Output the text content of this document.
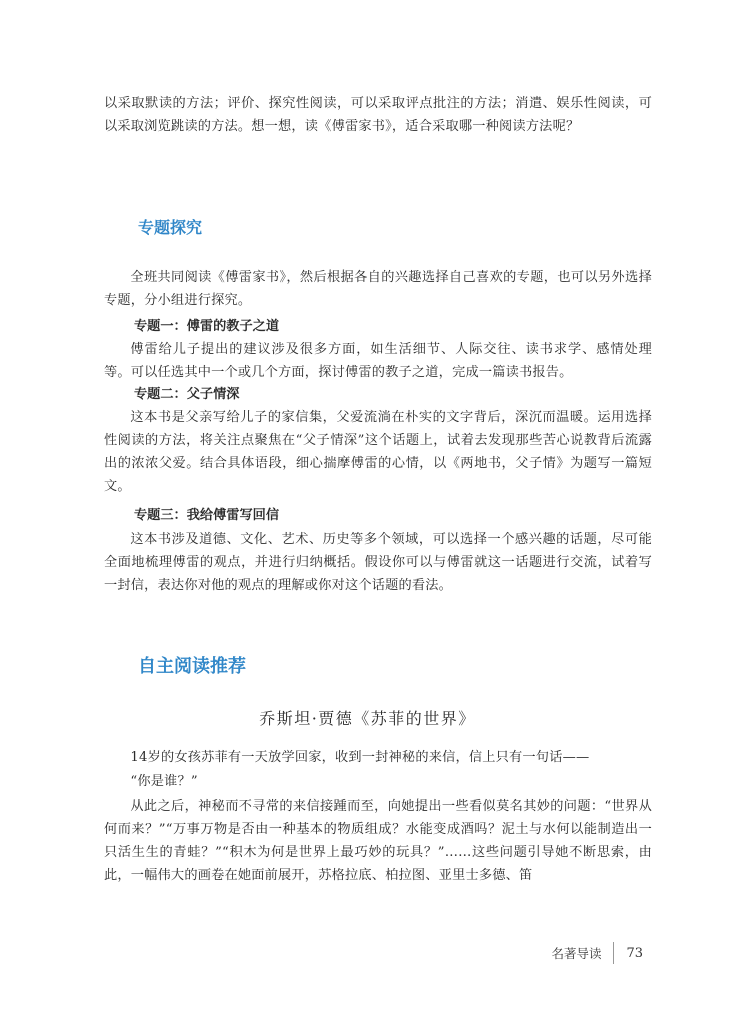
以采取默读的方法；评价、探究性阅读，可以采取评点批注的方法；消遣、娱乐性阅读，可以采取浏览跳读的方法。想一想，读《傅雷家书》，适合采取哪一种阅读方法呢？

专题探究

全班共同阅读《傅雷家书》，然后根据各自的兴趣选择自己喜欢的专题，也可以另外选择专题，分小组进行探究。

专题一：傅雷的教子之道

傅雷给儿子提出的建议涉及很多方面，如生活细节、人际交往、读书求学、感情处理等。可以任选其中一个或几个方面，探讨傅雷的教子之道，完成一篇读书报告。

专题二：父子情深

这本书是父亲写给儿子的家信集，父爱流淌在朴实的文字背后，深沉而温暖。运用选择性阅读的方法，将关注点聚焦在“父子情深”这个话题上，试着去发现那些苦心说教背后流露出的浓浓父爱。结合具体语段，细心揣摩傅雷的心情，以《两地书，父子情》为题写一篇短文。

专题三：我给傅雷写回信

这本书涉及道德、文化、艺术、历史等多个领域，可以选择一个感兴趣的话题，尽可能全面地梳理傅雷的观点，并进行归纳概括。假设你可以与傅雷就这一话题进行交流，试着写一封信，表达你对他的观点的理解或你对这个话题的看法。

自主阅读推荐

乔斯坦·贾德《苏菲的世界》

14岁的女孩苏菲有一天放学回家，收到一封神秘的来信，信上只有一句话——

“你是谁？”

从此之后，神秘而不寻常的来信接踵而至，向她提出一些看似莫名其妙的问题：“世界从何而来？”“万事万物是否由一种基本的物质组成？水能变成酒吗？泥土与水何以能制造出一只活生生的青蛙？”“积木为何是世界上最巧妙的玩具？”……这些问题引导她不断思索，由此，一幅伟大的画卷在她面前展开，苏格拉底、柏拉图、亚里士多德、笛

名著导读 73
